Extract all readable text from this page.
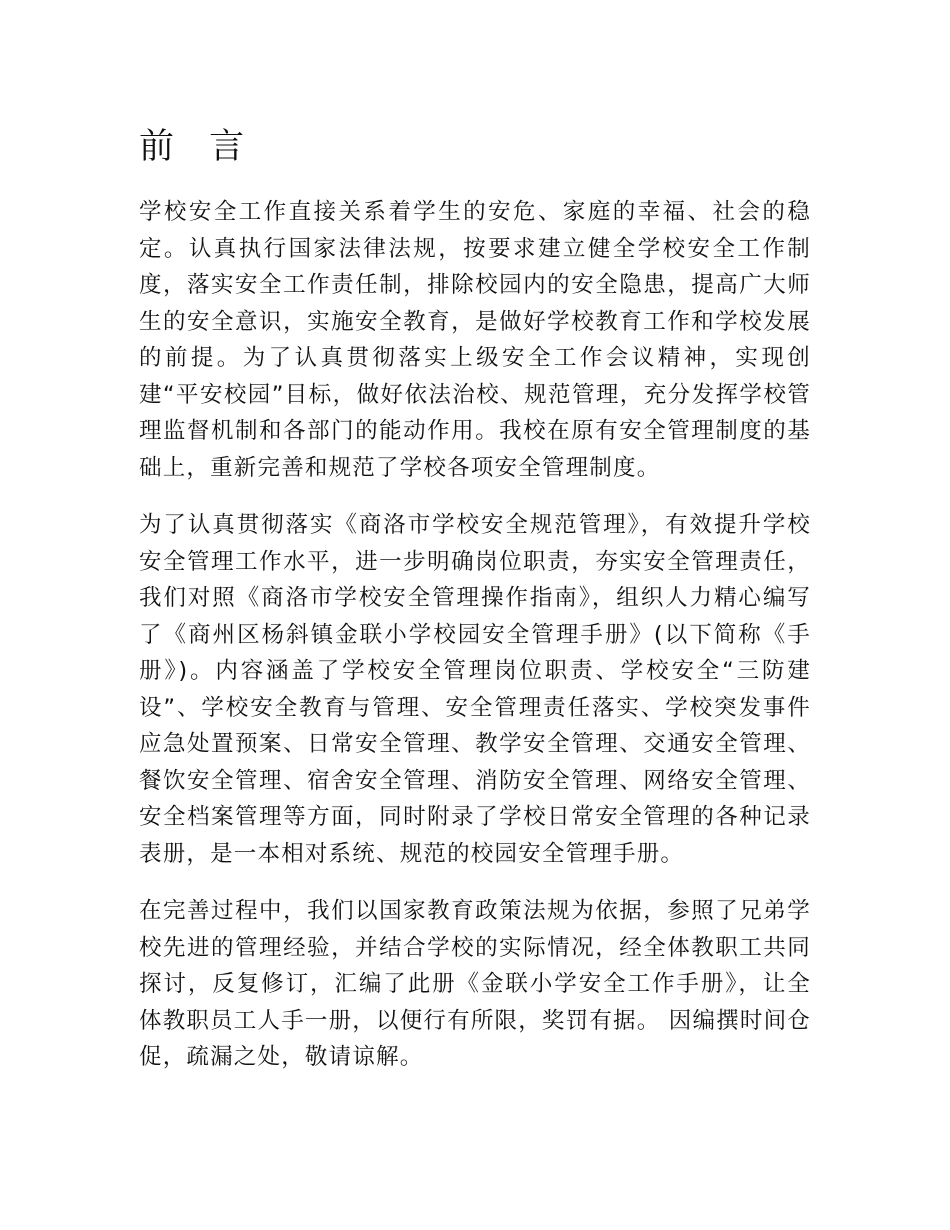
前 言

学校安全工作直接关系着学生的安危、家庭的幸福、社会的稳定。认真执行国家法律法规，按要求建立健全学校安全工作制度，落实安全工作责任制，排除校园内的安全隐患，提高广大师生的安全意识，实施安全教育，是做好学校教育工作和学校发展的前提。为了认真贯彻落实上级安全工作会议精神，实现创建“平安校园”目标，做好依法治校、规范管理，充分发挥学校管理监督机制和各部门的能动作用。我校在原有安全管理制度的基础上，重新完善和规范了学校各项安全管理制度。

为了认真贯彻落实《商洛市学校安全规范管理》，有效提升学校安全管理工作水平，进一步明确岗位职责，夯实安全管理责任，我们对照《商洛市学校安全管理操作指南》，组织人力精心编写了《商州区杨斜镇金联小学校园安全管理手册》(以下简称《手册》)。内容涵盖了学校安全管理岗位职责、学校安全“三防建设”、学校安全教育与管理、安全管理责任落实、学校突发事件应急处置预案、日常安全管理、教学安全管理、交通安全管理、餐饮安全管理、宿舍安全管理、消防安全管理、网络安全管理、安全档案管理等方面，同时附录了学校日常安全管理的各种记录表册，是一本相对系统、规范的校园安全管理手册。

在完善过程中，我们以国家教育政策法规为依据，参照了兄弟学校先进的管理经验，并结合学校的实际情况，经全体教职工共同探讨，反复修订，汇编了此册《金联小学安全工作手册》，让全体教职员工人手一册，以便行有所限，奖罚有据。 因编撰时间仓促，疏漏之处，敬请谅解。
